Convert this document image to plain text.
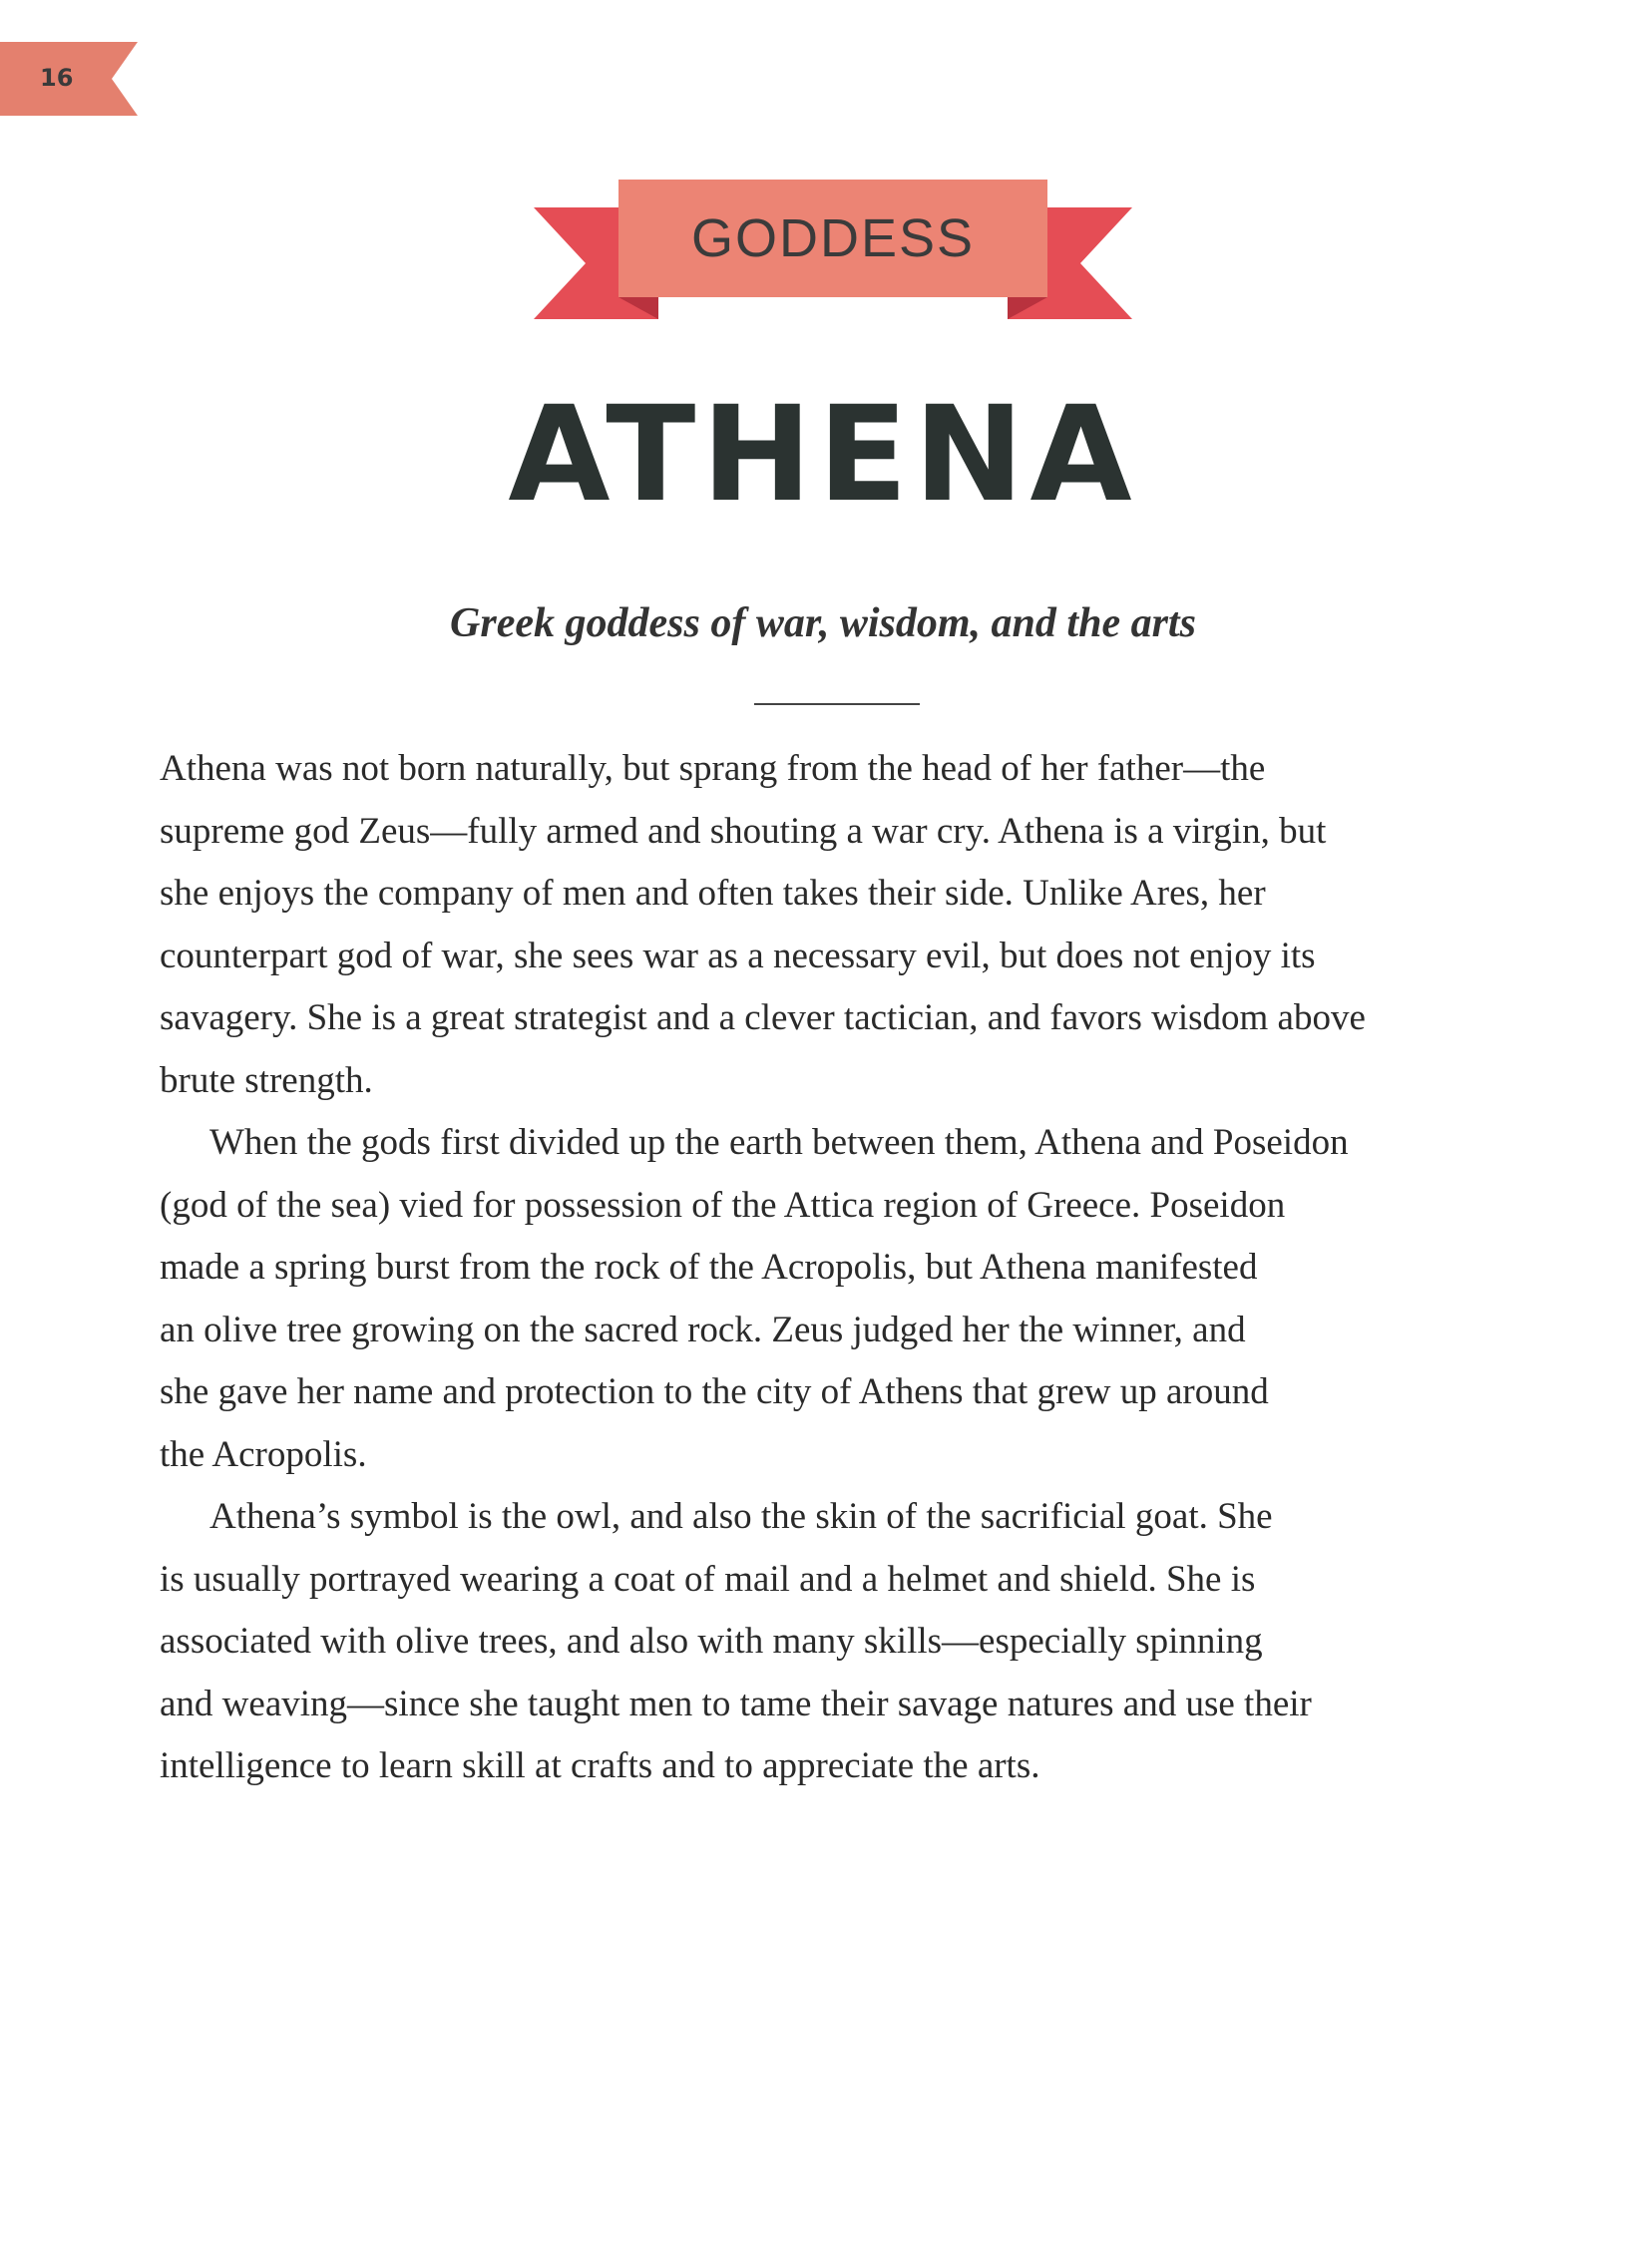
16
GODDESS
ATHENA
Greek goddess of war, wisdom, and the arts

Athena was not born naturally, but sprang from the head of her father—the
supreme god Zeus—fully armed and shouting a war cry. Athena is a virgin, but
she enjoys the company of men and often takes their side. Unlike Ares, her
counterpart god of war, she sees war as a necessary evil, but does not enjoy its
savagery. She is a great strategist and a clever tactician, and favors wisdom above
brute strength.

When the gods first divided up the earth between them, Athena and Poseidon
(god of the sea) vied for possession of the Attica region of Greece. Poseidon
made a spring burst from the rock of the Acropolis, but Athena manifested
an olive tree growing on the sacred rock. Zeus judged her the winner, and
she gave her name and protection to the city of Athens that grew up around
the Acropolis.

Athena’s symbol is the owl, and also the skin of the sacrificial goat. She
is usually portrayed wearing a coat of mail and a helmet and shield. She is
associated with olive trees, and also with many skills—especially spinning
and weaving—since she taught men to tame their savage natures and use their
intelligence to learn skill at crafts and to appreciate the arts.
